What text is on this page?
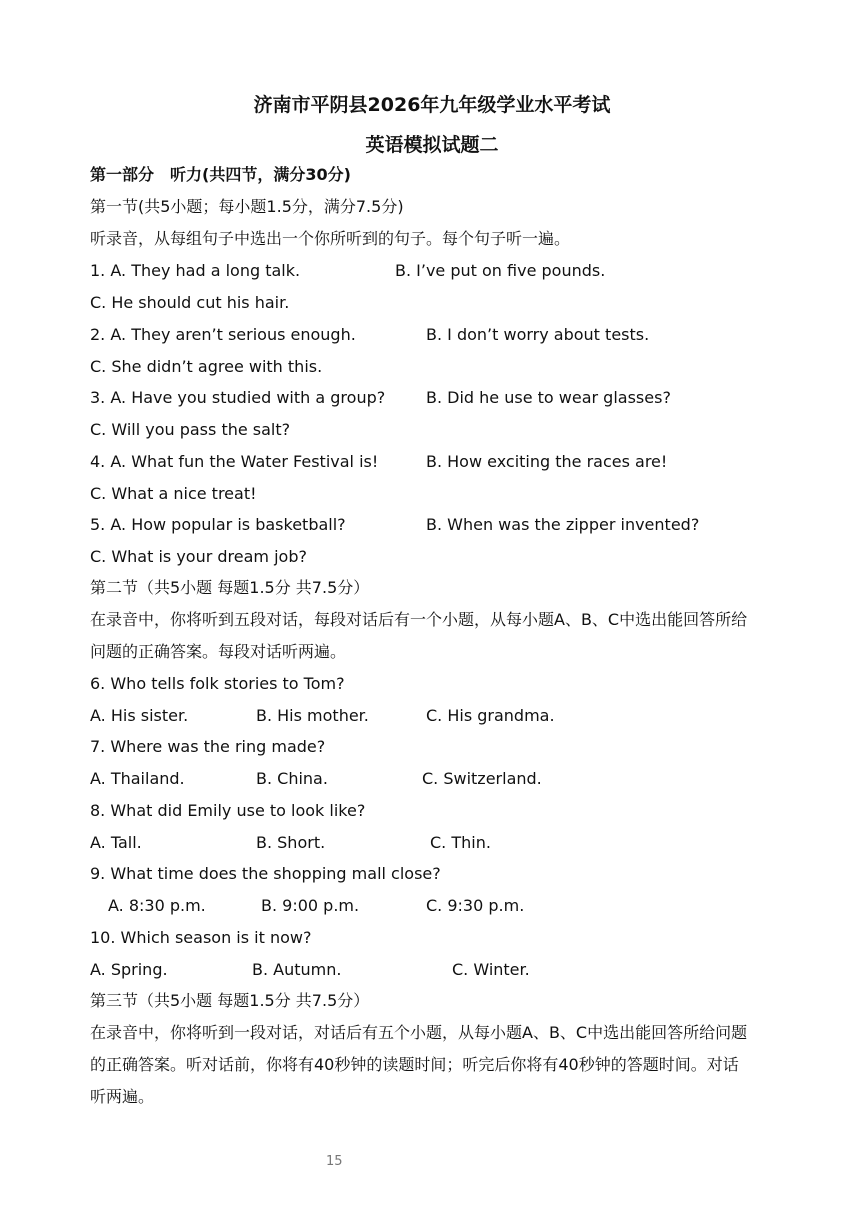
济南市平阴县2026年九年级学业水平考试
英语模拟试题二
第一部分　听力(共四节，满分30分)
第一节(共5小题；每小题1.5分，满分7.5分)
听录音，从每组句子中选出一个你所听到的句子。每个句子听一遍。
1. A. They had a long talk.	B. I’ve put on five pounds.
C. He should cut his hair.
2. A. They aren’t serious enough.	B. I don’t worry about tests.
C. She didn’t agree with this.
3. A. Have you studied with a group?	B. Did he use to wear glasses?
C. Will you pass the salt?
4. A. What fun the Water Festival is!	B. How exciting the races are!
C. What a nice treat!
5. A. How popular is basketball?	B. When was the zipper invented?
C. What is your dream job?
第二节（共5小题 每题1.5分 共7.5分）
在录音中，你将听到五段对话，每段对话后有一个小题，从每小题A、B、C中选出能回答所给
问题的正确答案。每段对话听两遍。
6. Who tells folk stories to Tom?
A. His sister.	B. His mother.	C. His grandma.
7. Where was the ring made?
A. Thailand.	B. China.	C. Switzerland.
8. What did Emily use to look like?
A. Tall.	B. Short.	C. Thin.
9. What time does the shopping mall close?
A. 8:30 p.m.	B. 9:00 p.m.	C. 9:30 p.m.
10. Which season is it now?
A. Spring.	B. Autumn.	C. Winter.
第三节（共5小题 每题1.5分 共7.5分）
在录音中，你将听到一段对话，对话后有五个小题，从每小题A、B、C中选出能回答所给问题
的正确答案。听对话前，你将有40秒钟的读题时间；听完后你将有40秒钟的答题时间。对话
听两遍。
15
